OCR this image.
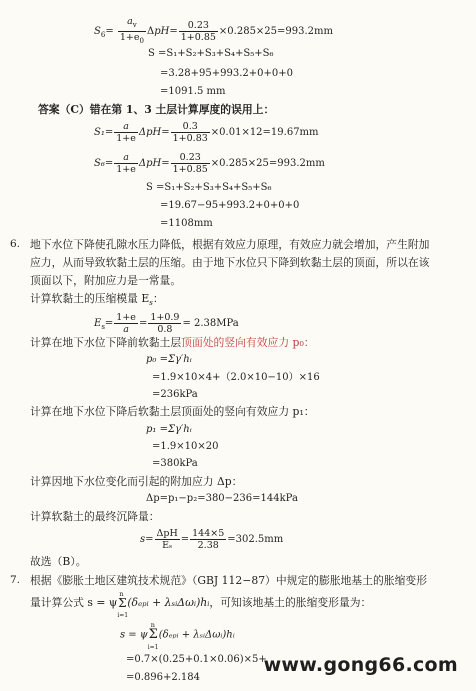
$S_6= \frac{a_v}{1+e_0} \Delta pH= \frac{0.23}{1+0.85} \times 0.285\times 25=993.2mm$
S =S₁+S₂+S₃+S₄+S₅+S₆
=3.28+95+993.2+0+0+0
=1091.5 mm
答案（C）错在第 1、3 土层计算厚度的误用上：
$S_1= \frac{a}{1+e} \Delta pH= \frac{0.3}{1+0.83} \times 0.01\times 12=19.67mm$
$S_6= \frac{a}{1+e} \Delta pH= \frac{0.23}{1+0.85} \times 0.285\times 25=993.2mm$
S =S₁+S₂+S₃+S₄+S₅+S₆
=19.67−95+993.2+0+0+0
=1108mm
6. 地下水位下降使孔隙水压力降低，根据有效应力原理，有效应力就会增加，产生附加
应力，从而导致软黏土层的压缩。由于地下水位只下降到软黏土层的顶面，所以在该
顶面以下，附加应力是一常量。
计算软黏土的压缩模量 $E_s$：
$E_s= \frac{1+e}{a} = \frac{1+0.9}{0.8} = 2.38MPa$
计算在地下水位下降前软黏土层顶面处的竖向有效应力 p₀：
p₀ =Σγ′hᵢ
=1.9×10×4+（2.0×10−10）×16
=236kPa
计算在地下水位下降后软黏土层顶面处的竖向有效应力 p₁：
p₁ =Σγ′hᵢ
=1.9×10×20
=380kPa
计算因地下水位变化而引起的附加应力 Δp：
Δp=p₁−p₂=380−236=144kPa
计算软黏土的最终沉降量：
$s= \frac{\text{ΔpH}}{\text{Eₛ}} = \frac{144\times 5}{2.38} =302.5mm$
故选（B）。
7. 根据《膨胀土地区建筑技术规范》（GBJ 112−87）中规定的膨胀地基土的胀缩变形
量计算公式 s = ψ
n
Σ
i=1
(δₑₚᵢ + λₛᵢΔωᵢ)hᵢ，可知该地基土的胀缩变形量为：
s = ψ
n
Σ
i=1
(δₑₚᵢ + λₛᵢΔωᵢ)hᵢ
=0.7×(0.25+0.1×0.06)×5+
=0.896+2.184
www.gong66.com
